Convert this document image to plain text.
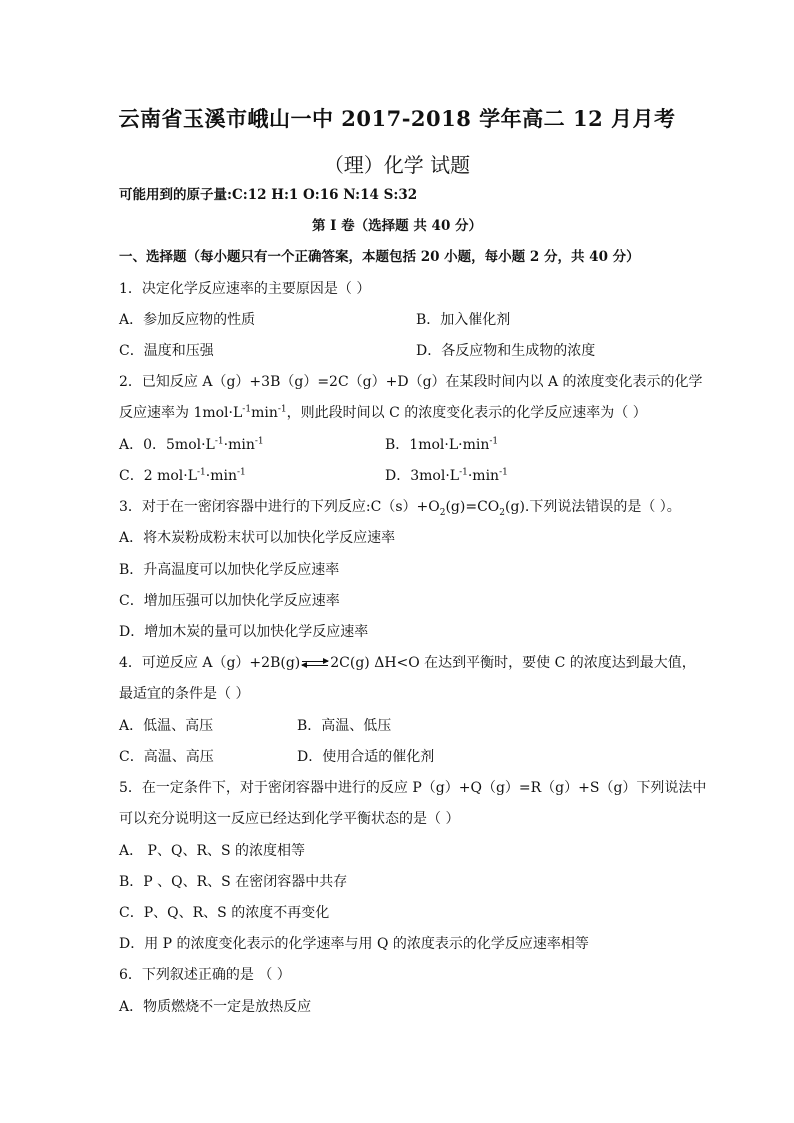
云南省玉溪市峨山一中 2017-2018 学年高二 12 月月考
（理）化学 试题
可能用到的原子量:C:12 H:1 O:16 N:14 S:32
第 I 卷（选择题 共 40 分）
一、选择题（每小题只有一个正确答案，本题包括 20 小题，每小题 2 分，共 40 分）
1．决定化学反应速率的主要原因是（ ）
A．参加反应物的性质	B．加入催化剂
C．温度和压强	D．各反应物和生成物的浓度
2．已知反应 A（g）+3B（g）=2C（g）+D（g）在某段时间内以 A 的浓度变化表示的化学
反应速率为 $1mol\cdot L^{-1}\min^{-1}$，则此段时间以 C 的浓度变化表示的化学反应速率为（ ）
A．0．$5mol\cdot L^{-1}\cdot\min^{-1}$	B．$1mol\cdot L\cdot\min^{-1}$
C．2 $mol\cdot L^{-1}\cdot\min^{-1}$	D．$3mol\cdot L^{-1}\cdot\min^{-1}$
3．对于在一密闭容器中进行的下列反应$:C(s)+O_2(g)=CO_2(g)$.下列说法错误的是（ ）。
A．将木炭粉成粉末状可以加快化学反应速率
B．升高温度可以加快化学反应速率
C．增加压强可以加快化学反应速率
D．增加木炭的量可以加快化学反应速率
4．可逆反应 A（g）+2B(g) ⇌ 2C(g) ΔH<O 在达到平衡时，要使 C 的浓度达到最大值，
最适宜的条件是（ ）
A．低温、高压	B．高温、低压
C．高温、高压	D．使用合适的催化剂
5．在一定条件下，对于密闭容器中进行的反应 P（g）+Q（g）=R（g）+S（g）下列说法中
可以充分说明这一反应已经达到化学平衡状态的是（ ）
A． P、Q、R、S 的浓度相等
B．P 、Q、R、S 在密闭容器中共存
C．P、Q、R、S 的浓度不再变化
D．用 P 的浓度变化表示的化学速率与用 Q 的浓度表示的化学反应速率相等
6．下列叙述正确的是 （ ）
A．物质燃烧不一定是放热反应
